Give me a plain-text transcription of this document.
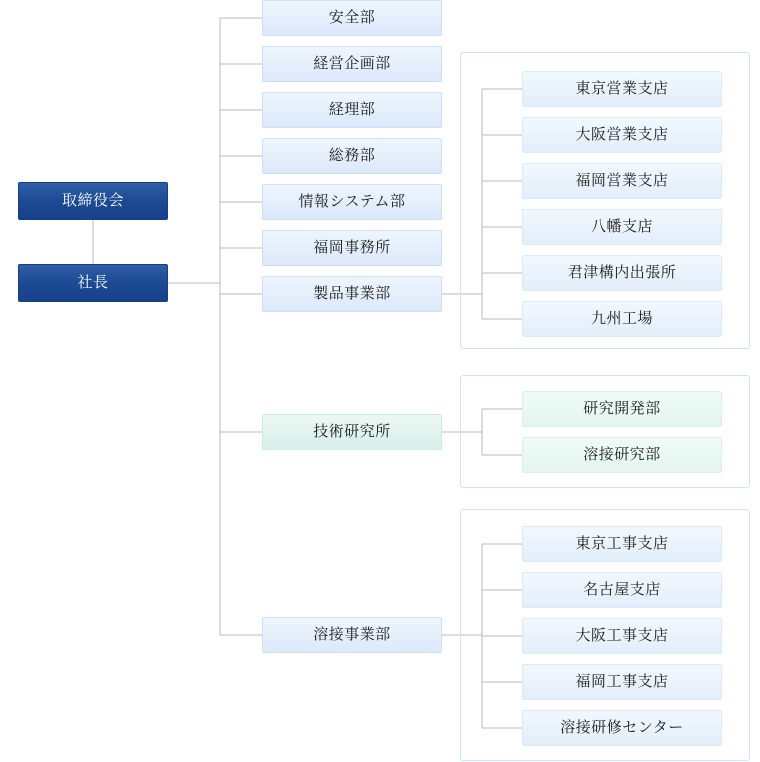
取締役会
社長
安全部
経営企画部
経理部
総務部
情報システム部
福岡事務所
製品事業部
技術研究所
溶接事業部
東京営業支店
大阪営業支店
福岡営業支店
八幡支店
君津構内出張所
九州工場
研究開発部
溶接研究部
東京工事支店
名古屋支店
大阪工事支店
福岡工事支店
溶接研修センター
